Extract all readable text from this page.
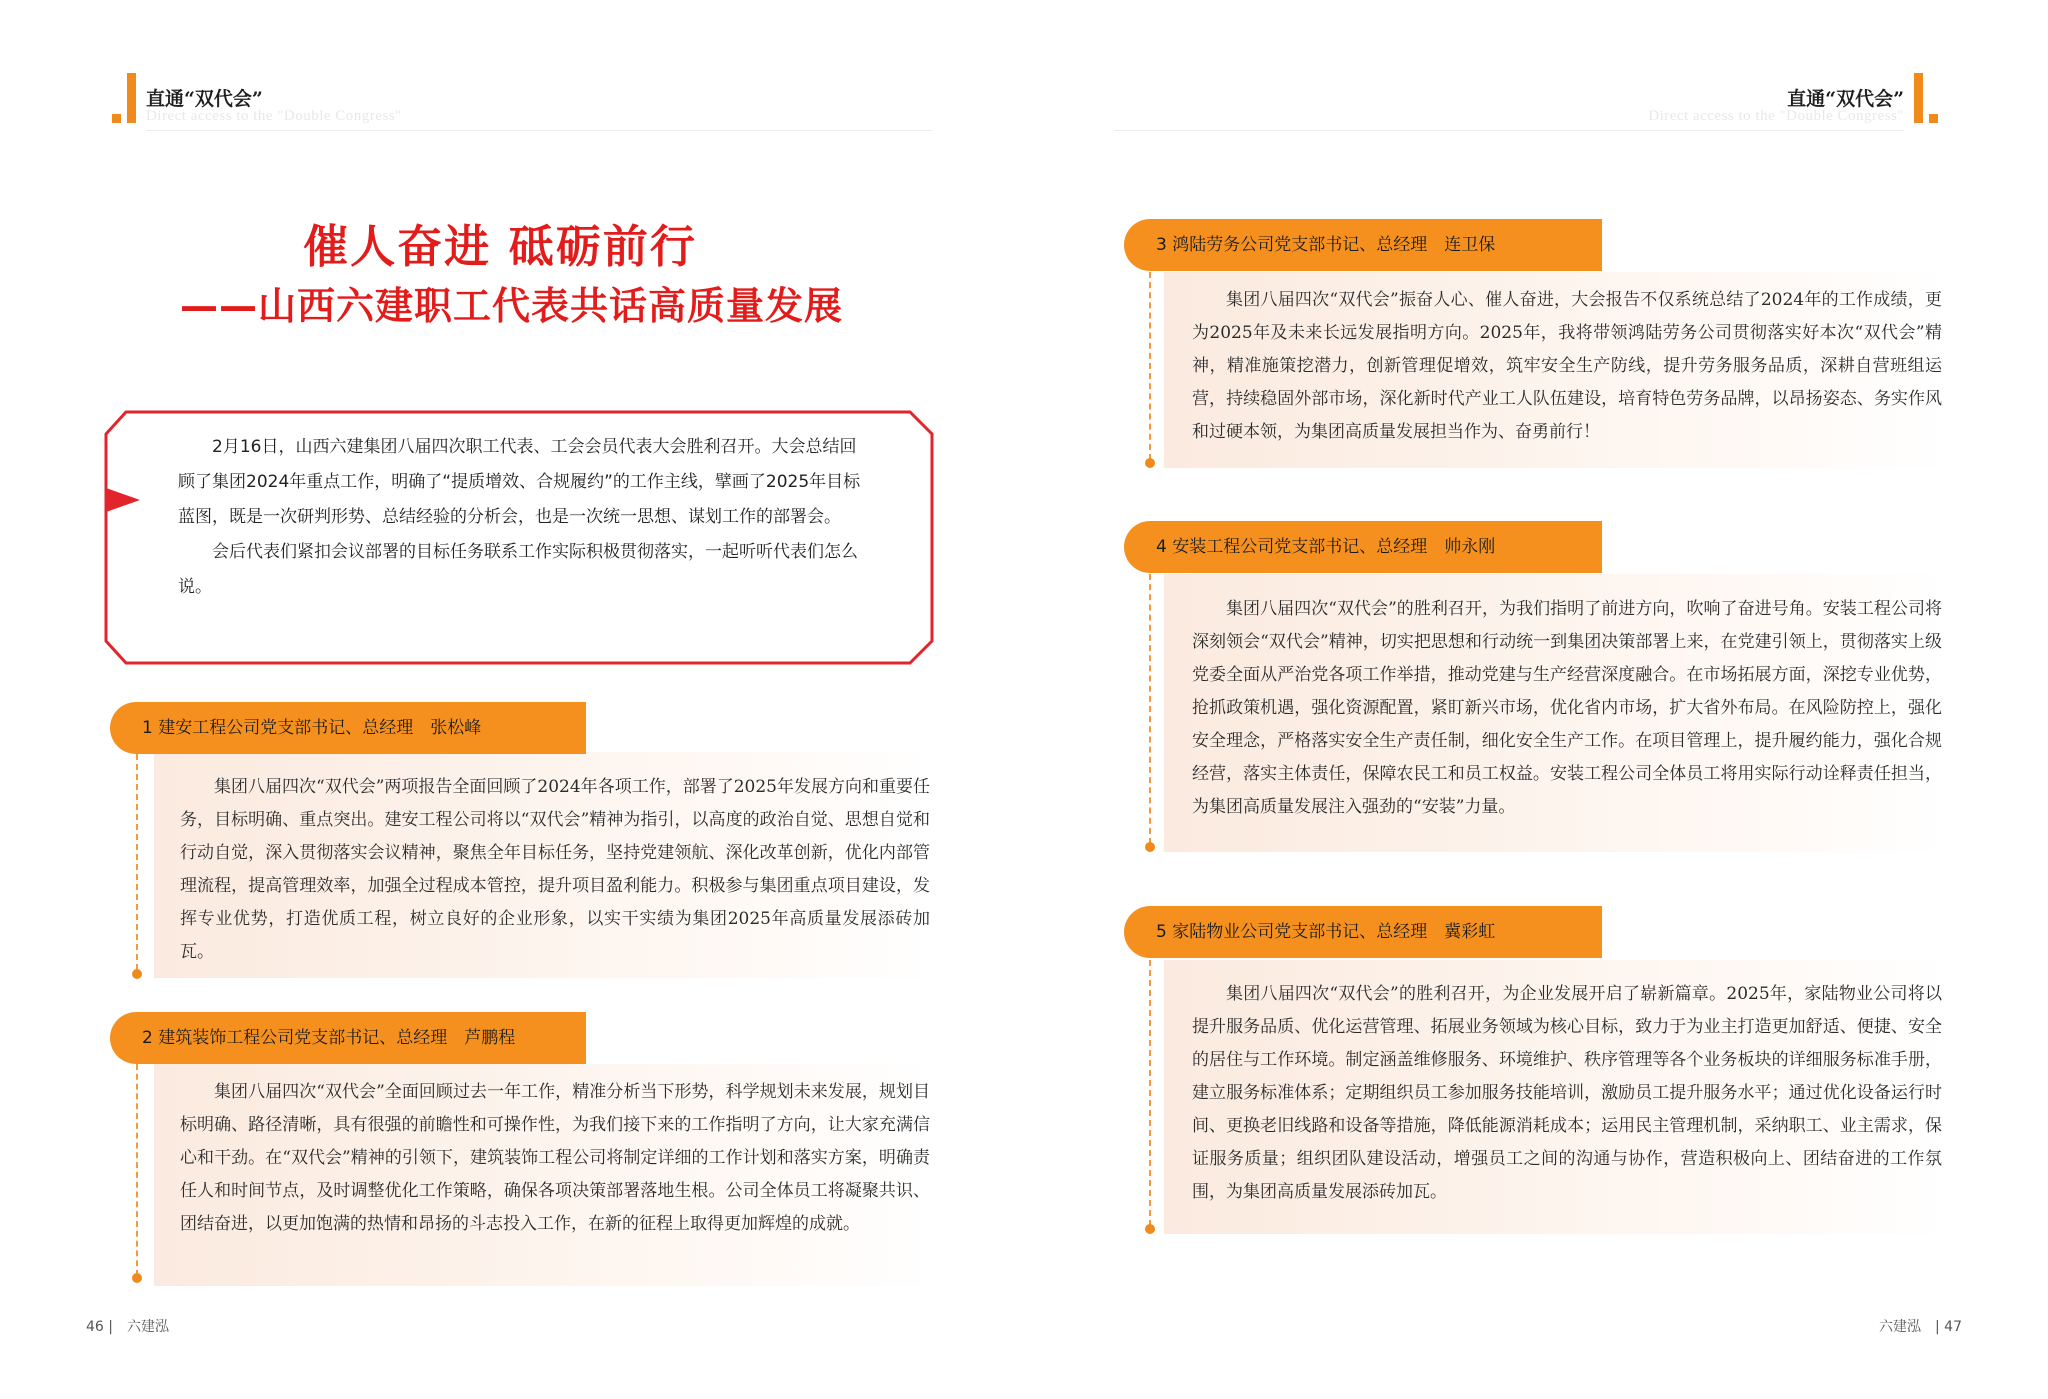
直通“双代会”
Direct access to the "Double Congress"
直通“双代会”
Direct access to the "Double Congress"
催人奋进 砥砺前行
——山西六建职工代表共话高质量发展

2月16日，山西六建集团八届四次职工代表、工会会员代表大会胜利召开。大会总结回顾了集团2024年重点工作，明确了“提质增效、合规履约”的工作主线，擘画了2025年目标蓝图，既是一次研判形势、总结经验的分析会，也是一次统一思想、谋划工作的部署会。

会后代表们紧扣会议部署的目标任务联系工作实际积极贯彻落实，一起听听代表们怎么说。

1 建安工程公司党支部书记、总经理　张松峰

集团八届四次“双代会”两项报告全面回顾了2024年各项工作，部署了2025年发展方向和重要任务，目标明确、重点突出。建安工程公司将以“双代会”精神为指引，以高度的政治自觉、思想自觉和行动自觉，深入贯彻落实会议精神，聚焦全年目标任务，坚持党建领航、深化改革创新，优化内部管理流程，提高管理效率，加强全过程成本管控，提升项目盈利能力。积极参与集团重点项目建设，发挥专业优势，打造优质工程，树立良好的企业形象，以实干实绩为集团2025年高质量发展添砖加瓦。

2 建筑装饰工程公司党支部书记、总经理　芦鹏程

集团八届四次“双代会”全面回顾过去一年工作，精准分析当下形势，科学规划未来发展，规划目标明确、路径清晰，具有很强的前瞻性和可操作性，为我们接下来的工作指明了方向，让大家充满信心和干劲。在“双代会”精神的引领下，建筑装饰工程公司将制定详细的工作计划和落实方案，明确责任人和时间节点，及时调整优化工作策略，确保各项决策部署落地生根。公司全体员工将凝聚共识、团结奋进，以更加饱满的热情和昂扬的斗志投入工作，在新的征程上取得更加辉煌的成就。

3 鸿陆劳务公司党支部书记、总经理　连卫保

集团八届四次“双代会”振奋人心、催人奋进，大会报告不仅系统总结了2024年的工作成绩，更为2025年及未来长远发展指明方向。2025年，我将带领鸿陆劳务公司贯彻落实好本次“双代会”精神，精准施策挖潜力，创新管理促增效，筑牢安全生产防线，提升劳务服务品质，深耕自营班组运营，持续稳固外部市场，深化新时代产业工人队伍建设，培育特色劳务品牌，以昂扬姿态、务实作风和过硬本领，为集团高质量发展担当作为、奋勇前行！

4 安装工程公司党支部书记、总经理　帅永刚

集团八届四次“双代会”的胜利召开，为我们指明了前进方向，吹响了奋进号角。安装工程公司将深刻领会“双代会”精神，切实把思想和行动统一到集团决策部署上来，在党建引领上，贯彻落实上级党委全面从严治党各项工作举措，推动党建与生产经营深度融合。在市场拓展方面，深挖专业优势，抢抓政策机遇，强化资源配置，紧盯新兴市场，优化省内市场，扩大省外布局。在风险防控上，强化安全理念，严格落实安全生产责任制，细化安全生产工作。在项目管理上，提升履约能力，强化合规经营，落实主体责任，保障农民工和员工权益。安装工程公司全体员工将用实际行动诠释责任担当，为集团高质量发展注入强劲的“安装”力量。

5 家陆物业公司党支部书记、总经理　冀彩虹

集团八届四次“双代会”的胜利召开，为企业发展开启了崭新篇章。2025年，家陆物业公司将以提升服务品质、优化运营管理、拓展业务领域为核心目标，致力于为业主打造更加舒适、便捷、安全的居住与工作环境。制定涵盖维修服务、环境维护、秩序管理等各个业务板块的详细服务标准手册，建立服务标准体系；定期组织员工参加服务技能培训，激励员工提升服务水平；通过优化设备运行时间、更换老旧线路和设备等措施，降低能源消耗成本；运用民主管理机制，采纳职工、业主需求，保证服务质量；组织团队建设活动，增强员工之间的沟通与协作，营造积极向上、团结奋进的工作氛围，为集团高质量发展添砖加瓦。

46 |　六建泓	六建泓　| 47
